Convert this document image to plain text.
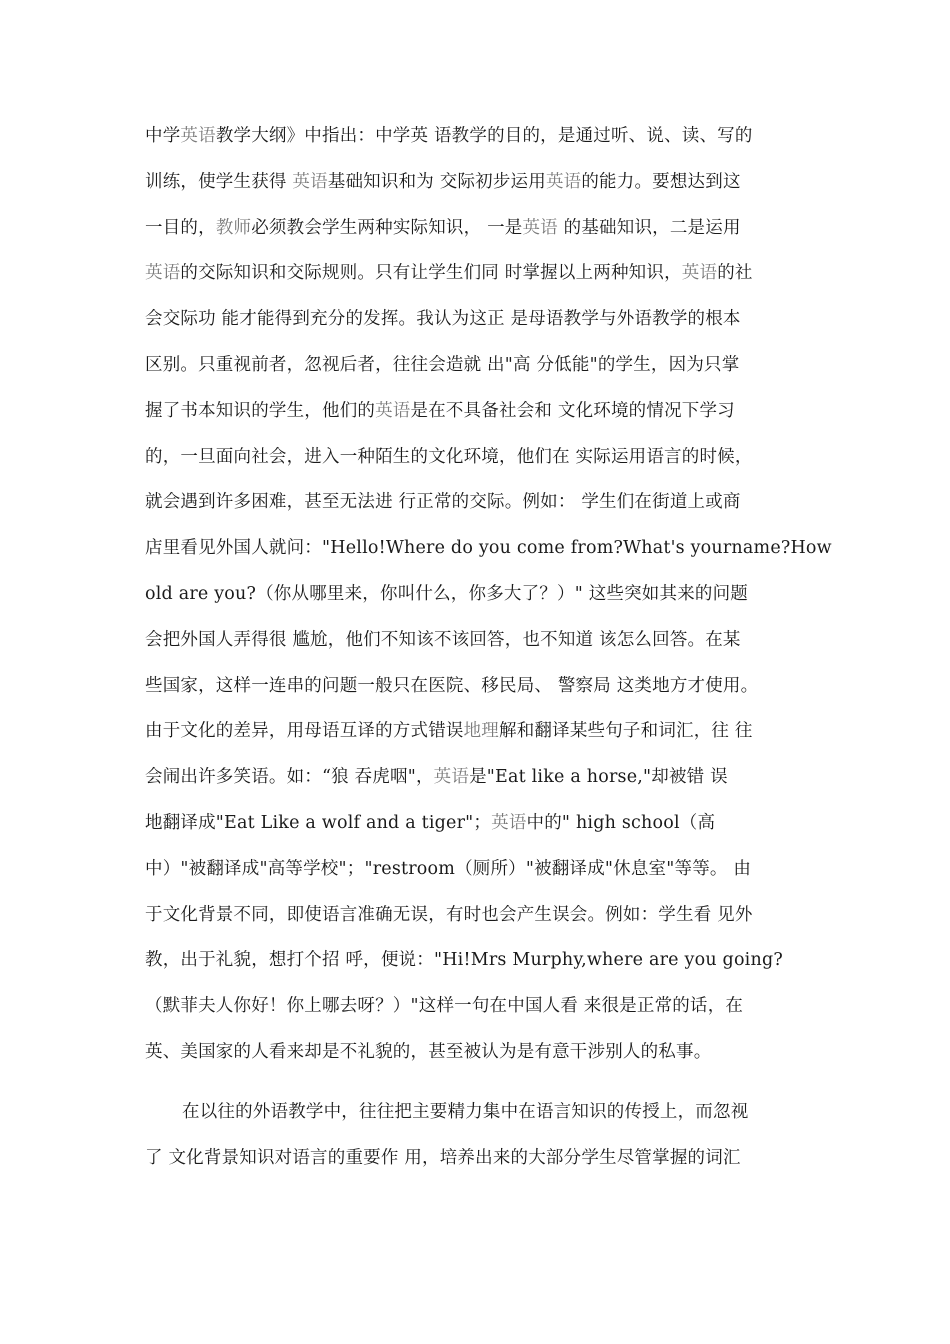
中学英语教学大纲》中指出：中学英 语教学的目的，是通过听、说、读、写的
训练，使学生获得 英语基础知识和为 交际初步运用英语的能力。要想达到这
一目的，教师必须教会学生两种实际知识， 一是英语 的基础知识，二是运用
英语的交际知识和交际规则。只有让学生们同 时掌握以上两种知识，英语的社
会交际功 能才能得到充分的发挥。我认为这正 是母语教学与外语教学的根本
区别。只重视前者，忽视后者，往往会造就 出"高 分低能"的学生，因为只掌
握了书本知识的学生，他们的英语是在不具备社会和 文化环境的情况下学习
的，一旦面向社会，进入一种陌生的文化环境，他们在 实际运用语言的时候，
就会遇到许多困难，甚至无法进 行正常的交际。例如： 学生们在街道上或商
店里看见外国人就问："Hello!Where do you come from?What's yourname?How
old are you?（你从哪里来，你叫什么，你多大了？）" 这些突如其来的问题
会把外国人弄得很 尴尬，他们不知该不该回答，也不知道 该怎么回答。在某
些国家，这样一连串的问题一般只在医院、移民局、 警察局 这类地方才使用。
由于文化的差异，用母语互译的方式错误地理解和翻译某些句子和词汇，往 往
会闹出许多笑语。如：“狼 吞虎咽"，英语是"Eat like a horse,"却被错 误
地翻译成"Eat Like a wolf and a tiger"；英语中的" high school（高
中）"被翻译成"高等学校"；"restroom（厕所）"被翻译成"休息室"等等。 由
于文化背景不同，即使语言准确无误，有时也会产生误会。例如：学生看 见外
教，出于礼貌，想打个招 呼，便说："Hi!Mrs Murphy,where are you going?
（默菲夫人你好！你上哪去呀？）"这样一句在中国人看 来很是正常的话，在
英、美国家的人看来却是不礼貌的，甚至被认为是有意干涉别人的私事。
在以往的外语教学中，往往把主要精力集中在语言知识的传授上，而忽视
了 文化背景知识对语言的重要作 用，培养出来的大部分学生尽管掌握的词汇
